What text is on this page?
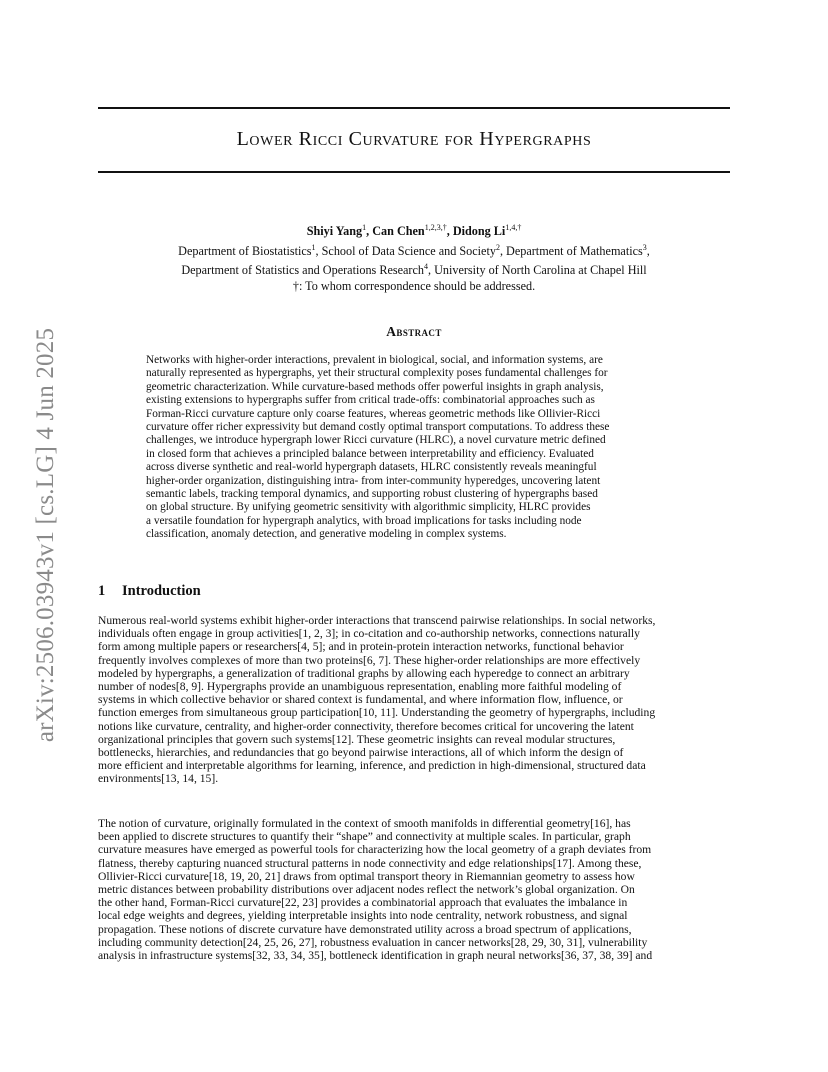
arXiv:2506.03943v1 [cs.LG] 4 Jun 2025
Lower Ricci Curvature for Hypergraphs
Shiyi Yang$^1$, Can Chen$^{1,2,3,\dagger}$, Didong $Li^{1,4,\dagger}$
Department of Biostatistics$^1$, School of Data Science and Society$^2$, Department of Mathematics$^3$,
Department of Statistics and Operations Research$^4$, University of North Carolina at Chapel Hill
†: To whom correspondence should be addressed.
Abstract
Networks with higher-order interactions, prevalent in biological, social, and information systems, are
naturally represented as hypergraphs, yet their structural complexity poses fundamental challenges for
geometric characterization. While curvature-based methods offer powerful insights in graph analysis,
existing extensions to hypergraphs suffer from critical trade-offs: combinatorial approaches such as
Forman-Ricci curvature capture only coarse features, whereas geometric methods like Ollivier-Ricci
curvature offer richer expressivity but demand costly optimal transport computations. To address these
challenges, we introduce hypergraph lower Ricci curvature (HLRC), a novel curvature metric defined
in closed form that achieves a principled balance between interpretability and efficiency. Evaluated
across diverse synthetic and real-world hypergraph datasets, HLRC consistently reveals meaningful
higher-order organization, distinguishing intra- from inter-community hyperedges, uncovering latent
semantic labels, tracking temporal dynamics, and supporting robust clustering of hypergraphs based
on global structure. By unifying geometric sensitivity with algorithmic simplicity, HLRC provides
a versatile foundation for hypergraph analytics, with broad implications for tasks including node
classification, anomaly detection, and generative modeling in complex systems.
1 Introduction
Numerous real-world systems exhibit higher-order interactions that transcend pairwise relationships. In social networks,
individuals often engage in group activities[1, 2, 3]; in co-citation and co-authorship networks, connections naturally
form among multiple papers or researchers[4, 5]; and in protein-protein interaction networks, functional behavior
frequently involves complexes of more than two proteins[6, 7]. These higher-order relationships are more effectively
modeled by hypergraphs, a generalization of traditional graphs by allowing each hyperedge to connect an arbitrary
number of nodes[8, 9]. Hypergraphs provide an unambiguous representation, enabling more faithful modeling of
systems in which collective behavior or shared context is fundamental, and where information flow, influence, or
function emerges from simultaneous group participation[10, 11]. Understanding the geometry of hypergraphs, including
notions like curvature, centrality, and higher-order connectivity, therefore becomes critical for uncovering the latent
organizational principles that govern such systems[12]. These geometric insights can reveal modular structures,
bottlenecks, hierarchies, and redundancies that go beyond pairwise interactions, all of which inform the design of
more efficient and interpretable algorithms for learning, inference, and prediction in high-dimensional, structured data
environments[13, 14, 15].
The notion of curvature, originally formulated in the context of smooth manifolds in differential geometry[16], has
been applied to discrete structures to quantify their “shape” and connectivity at multiple scales. In particular, graph
curvature measures have emerged as powerful tools for characterizing how the local geometry of a graph deviates from
flatness, thereby capturing nuanced structural patterns in node connectivity and edge relationships[17]. Among these,
Ollivier-Ricci curvature[18, 19, 20, 21] draws from optimal transport theory in Riemannian geometry to assess how
metric distances between probability distributions over adjacent nodes reflect the network’s global organization. On
the other hand, Forman-Ricci curvature[22, 23] provides a combinatorial approach that evaluates the imbalance in
local edge weights and degrees, yielding interpretable insights into node centrality, network robustness, and signal
propagation. These notions of discrete curvature have demonstrated utility across a broad spectrum of applications,
including community detection[24, 25, 26, 27], robustness evaluation in cancer networks[28, 29, 30, 31], vulnerability
analysis in infrastructure systems[32, 33, 34, 35], bottleneck identification in graph neural networks[36, 37, 38, 39] and
